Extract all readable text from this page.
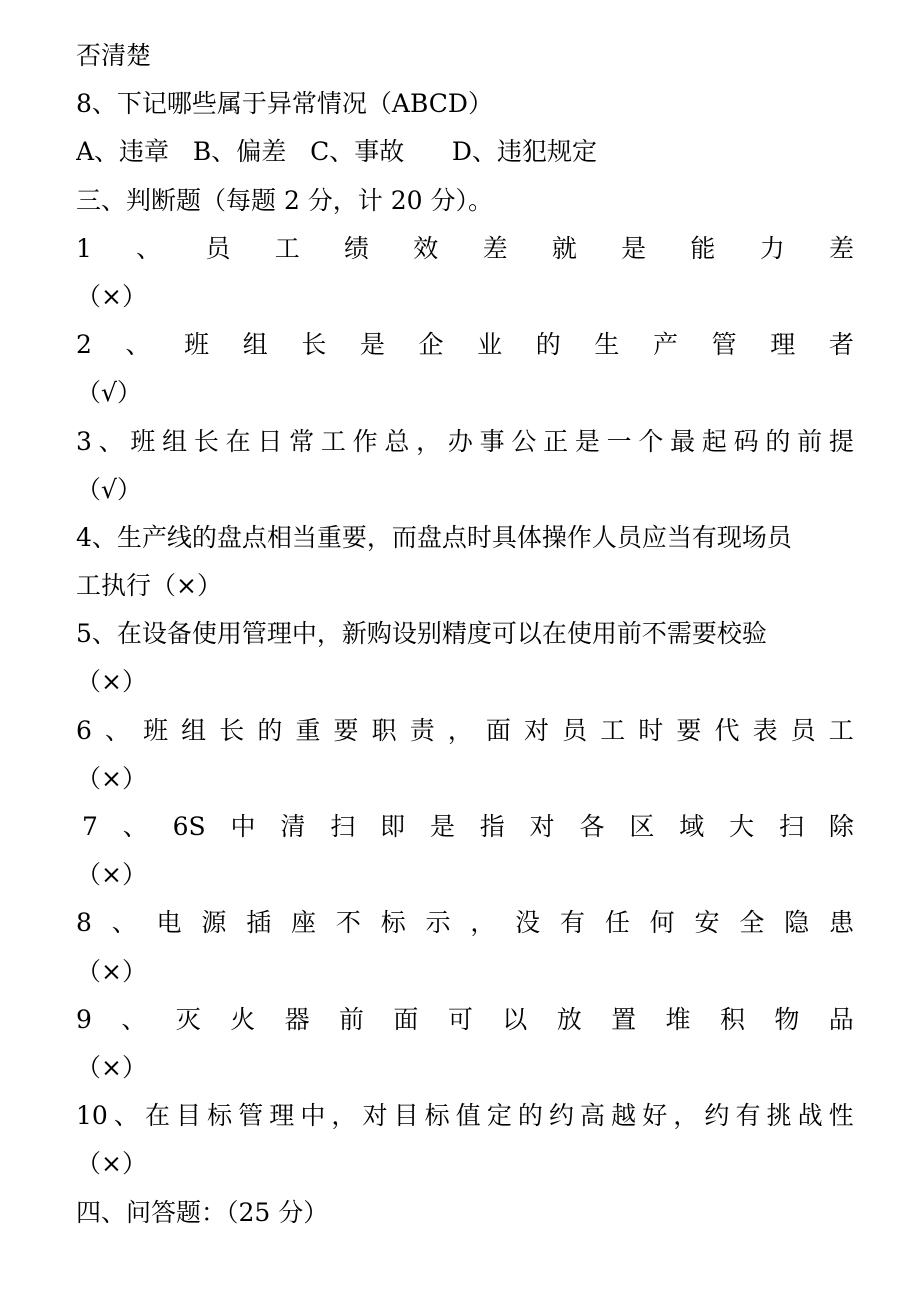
否清楚
8、下记哪些属于异常情况（ABCD）
A、违章   B、偏差   C、事故      D、违犯规定
三、判断题（每题 2 分，计 20 分）。
1 、 员 工 绩 效 差 就 是 能 力 差
（×）
2 、 班 组 长 是 企 业 的 生 产 管 理 者
（√）
3 、 班 组 长 在 日 常 工 作 总 ， 办 事 公 正 是 一 个 最 起 码 的 前 提
（√）
4、生产线的盘点相当重要，而盘点时具体操作人员应当有现场员
工执行（×）
5、在设备使用管理中，新购设别精度可以在使用前不需要校验
（×）
6 、 班 组 长 的 重 要 职 责 ， 面 对 员 工 时 要 代 表 员 工
（×）
7 、 6S 中 清 扫 即 是 指 对 各 区 域 大 扫 除
（×）
8 、 电 源 插 座 不 标 示 ， 没 有 任 何 安 全 隐 患
（×）
9 、 灭 火 器 前 面 可 以 放 置 堆 积 物 品
（×）
10 、 在 目 标 管 理 中 ， 对 目 标 值 定 的 约 高 越 好 ， 约 有 挑 战 性
（×）
四、问答题：（25 分）
